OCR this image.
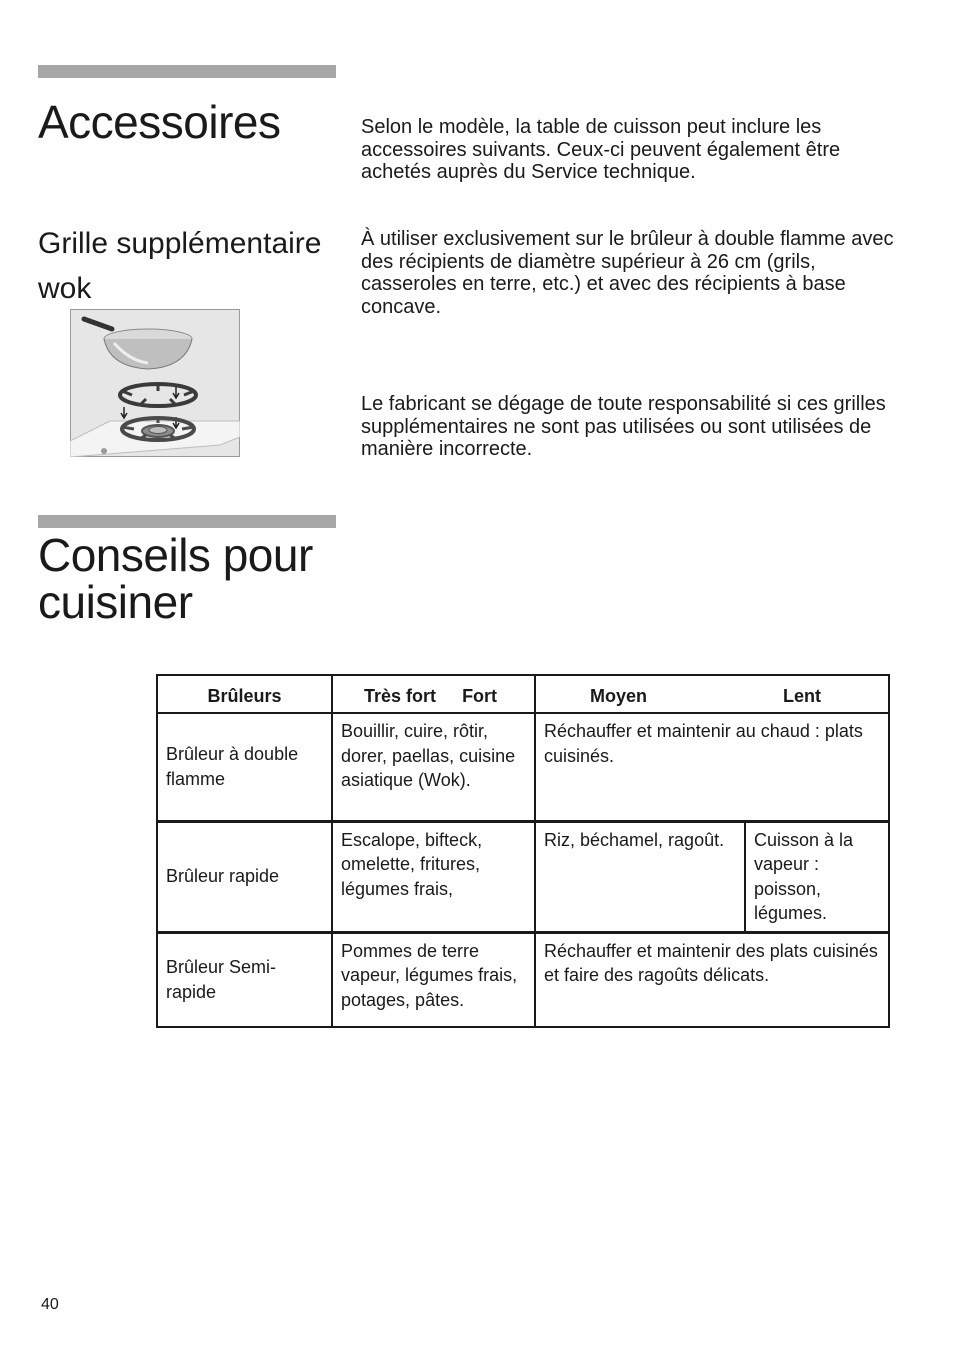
Accessoires	Selon le modèle, la table de cuisson peut inclure les accessoires suivants. Ceux-ci peuvent également être achetés auprès du Service technique.

Grille supplémentaire
wok

À utiliser exclusivement sur le brûleur à double flamme avec des récipients de diamètre supérieur à 26 cm (grils, casseroles en terre, etc.) et avec des récipients à base concave.

Le fabricant se dégage de toute responsabilité si ces grilles supplémentaires ne sont pas utilisées ou sont utilisées de manière incorrecte.

Conseils pour
cuisiner
Brûleurs	Très fort Fort	Moyen Lent	
Brûleur à double flamme	Bouillir, cuire, rôtir, dorer, paellas, cuisine asiatique (Wok).	Réchauffer et maintenir au chaud : plats cuisinés.	
Brûleur rapide	Escalope, bifteck, omelette, fritures, légumes frais,	Riz, béchamel, ragoût.	Cuisson à la vapeur : poisson, légumes.
Brûleur Semi-rapide	Pommes de terre vapeur, légumes frais, potages, pâtes.	Réchauffer et maintenir des plats cuisinés et faire des ragoûts délicats.	
40
